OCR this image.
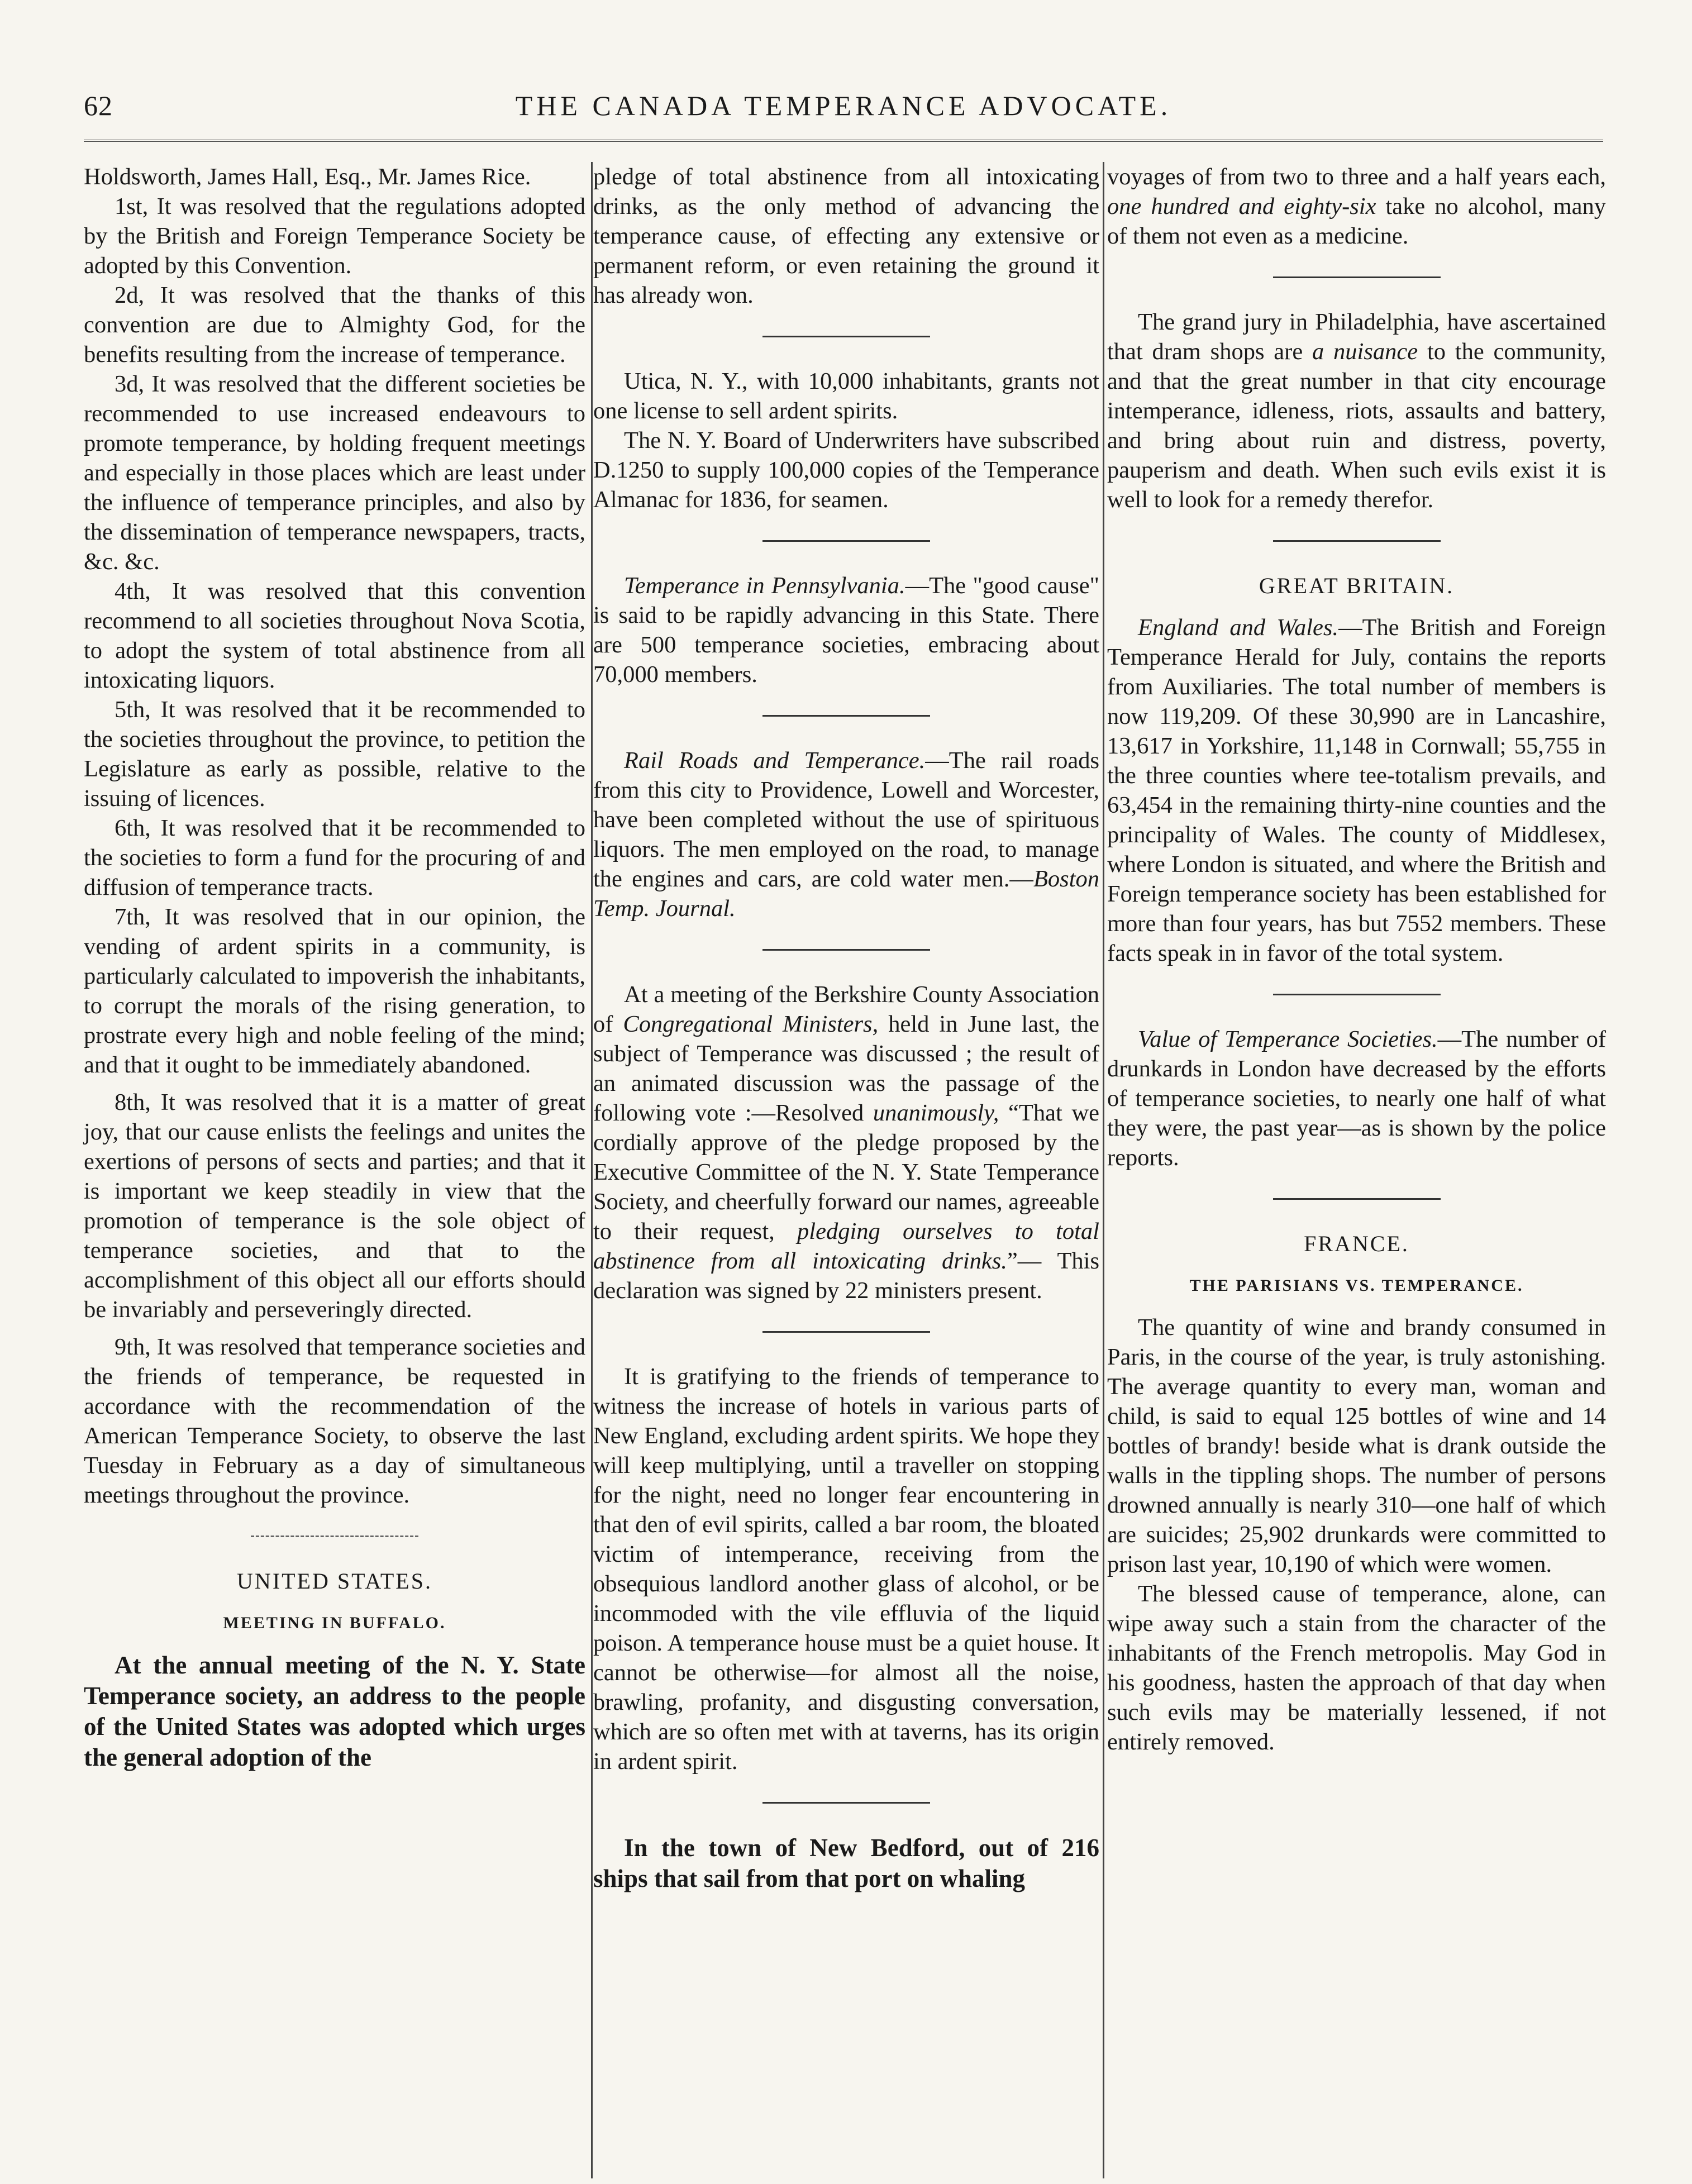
62	THE CANADA TEMPERANCE ADVOCATE.

Holdsworth, James Hall, Esq., Mr. James Rice.

1st, It was resolved that the regulations adopted by the British and Foreign Temperance Society be adopted by this Convention.

2d, It was resolved that the thanks of this convention are due to Almighty God, for the benefits resulting from the increase of temperance.

3d, It was resolved that the different societies be recommended to use increased endeavours to promote temperance, by holding frequent meetings and especially in those places which are least under the influence of temperance principles, and also by the dissemination of temperance newspapers, tracts, &c. &c.

4th, It was resolved that this convention recommend to all societies throughout Nova Scotia, to adopt the system of total abstinence from all intoxicating liquors.

5th, It was resolved that it be recommended to the societies throughout the province, to petition the Legislature as early as possible, relative to the issuing of licences.

6th, It was resolved that it be recommended to the societies to form a fund for the procuring of and diffusion of temperance tracts.

7th, It was resolved that in our opinion, the vending of ardent spirits in a community, is particularly calculated to impoverish the inhabitants, to corrupt the morals of the rising generation, to prostrate every high and noble feeling of the mind; and that it ought to be immediately abandoned.

8th, It was resolved that it is a matter of great joy, that our cause enlists the feelings and unites the exertions of persons of sects and parties; and that it is important we keep steadily in view that the promotion of temperance is the sole object of temperance societies, and that to the accomplishment of this object all our efforts should be invariably and perseveringly directed.

9th, It was resolved that temperance societies and the friends of temperance, be requested in accordance with the recommendation of the American Temperance Society, to observe the last Tuesday in February as a day of simultaneous meetings throughout the province.

UNITED STATES.
MEETING IN BUFFALO.

At the annual meeting of the N. Y. State Temperance society, an address to the people of the United States was adopted which urges the general adoption of the

pledge of total abstinence from all intoxicating drinks, as the only method of advancing the temperance cause, of effecting any extensive or permanent reform, or even retaining the ground it has already won.

Utica, N. Y., with 10,000 inhabitants, grants not one license to sell ardent spirits.

The N. Y. Board of Underwriters have subscribed D.1250 to supply 100,000 copies of the Temperance Almanac for 1836, for seamen.

Temperance in Pennsylvania.—The "good cause" is said to be rapidly advancing in this State. There are 500 temperance societies, embracing about 70,000 members.

Rail Roads and Temperance.—The rail roads from this city to Providence, Lowell and Worcester, have been completed without the use of spirituous liquors. The men employed on the road, to manage the engines and cars, are cold water men.—Boston Temp. Journal.

At a meeting of the Berkshire County Association of Congregational Ministers, held in June last, the subject of Temperance was discussed ; the result of an animated discussion was the passage of the following vote :—Resolved unanimously, “That we cordially approve of the pledge proposed by the Executive Committee of the N. Y. State Temperance Society, and cheerfully forward our names, agreeable to their request, pledging ourselves to total abstinence from all intoxicating drinks.”— This declaration was signed by 22 ministers present.

It is gratifying to the friends of temperance to witness the increase of hotels in various parts of New England, excluding ardent spirits. We hope they will keep multiplying, until a traveller on stopping for the night, need no longer fear encountering in that den of evil spirits, called a bar room, the bloated victim of intemperance, receiving from the obsequious landlord another glass of alcohol, or be incommoded with the vile effluvia of the liquid poison. A temperance house must be a quiet house. It cannot be otherwise—for almost all the noise, brawling, profanity, and disgusting conversation, which are so often met with at taverns, has its origin in ardent spirit.

In the town of New Bedford, out of 216 ships that sail from that port on whaling

voyages of from two to three and a half years each, one hundred and eighty-six take no alcohol, many of them not even as a medicine.

The grand jury in Philadelphia, have ascertained that dram shops are a nuisance to the community, and that the great number in that city encourage intemperance, idleness, riots, assaults and battery, and bring about ruin and distress, poverty, pauperism and death. When such evils exist it is well to look for a remedy therefor.

GREAT BRITAIN.

England and Wales.—The British and Foreign Temperance Herald for July, contains the reports from Auxiliaries. The total number of members is now 119,209. Of these 30,990 are in Lancashire, 13,617 in Yorkshire, 11,148 in Cornwall; 55,755 in the three counties where tee-totalism prevails, and 63,454 in the remaining thirty-nine counties and the principality of Wales. The county of Middlesex, where London is situated, and where the British and Foreign temperance society has been established for more than four years, has but 7552 members. These facts speak in in favor of the total system.

Value of Temperance Societies.—The number of drunkards in London have decreased by the efforts of temperance societies, to nearly one half of what they were, the past year—as is shown by the police reports.

FRANCE.
THE PARISIANS VS. TEMPERANCE.

The quantity of wine and brandy consumed in Paris, in the course of the year, is truly astonishing. The average quantity to every man, woman and child, is said to equal 125 bottles of wine and 14 bottles of brandy! beside what is drank outside the walls in the tippling shops. The number of persons drowned annually is nearly 310—one half of which are suicides; 25,902 drunkards were committed to prison last year, 10,190 of which were women.

The blessed cause of temperance, alone, can wipe away such a stain from the character of the inhabitants of the French metropolis. May God in his goodness, hasten the approach of that day when such evils may be materially lessened, if not entirely removed.
